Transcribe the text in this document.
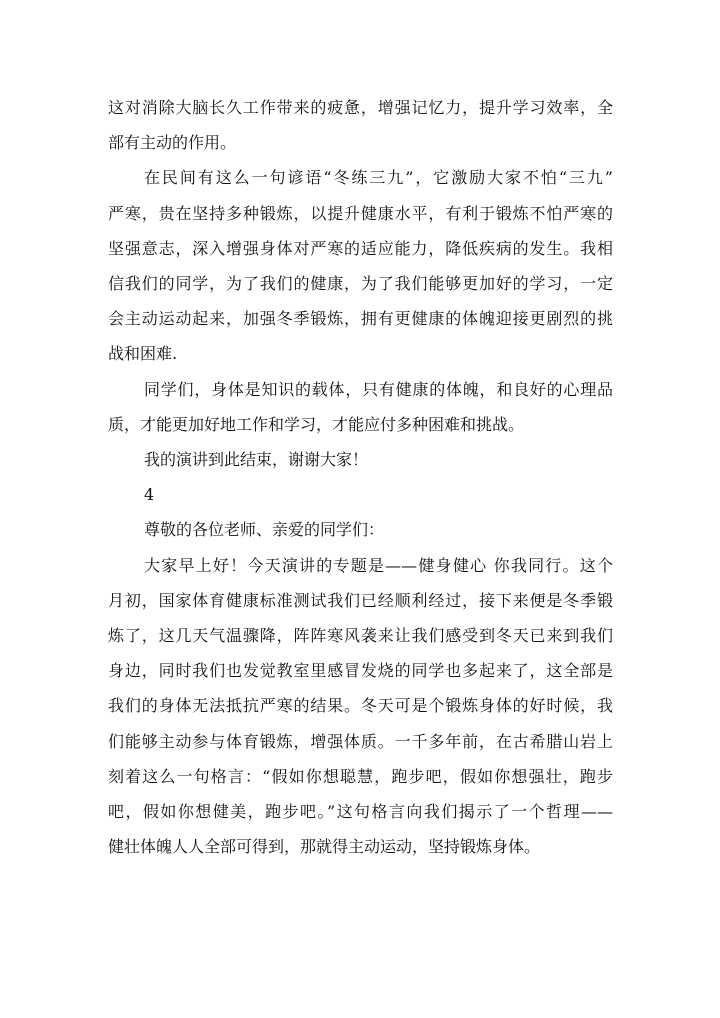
这对消除大脑长久工作带来的疲惫，增强记忆力，提升学习效率，全
部有主动的作用。

在民间有这么一句谚语“冬练三九”，它激励大家不怕“三九”
严寒，贵在坚持多种锻炼，以提升健康水平，有利于锻炼不怕严寒的
坚强意志，深入增强身体对严寒的适应能力，降低疾病的发生。我相
信我们的同学，为了我们的健康，为了我们能够更加好的学习，一定
会主动运动起来，加强冬季锻炼，拥有更健康的体魄迎接更剧烈的挑
战和困难.

同学们，身体是知识的载体，只有健康的体魄，和良好的心理品
质，才能更加好地工作和学习，才能应付多种困难和挑战。

我的演讲到此结束，谢谢大家！

4

尊敬的各位老师、亲爱的同学们：

大家早上好！今天演讲的专题是——健身健心 你我同行。这个
月初，国家体育健康标准测试我们已经顺利经过，接下来便是冬季锻
炼了，这几天气温骤降，阵阵寒风袭来让我们感受到冬天已来到我们
身边，同时我们也发觉教室里感冒发烧的同学也多起来了，这全部是
我们的身体无法抵抗严寒的结果。冬天可是个锻炼身体的好时候，我
们能够主动参与体育锻炼，增强体质。一千多年前，在古希腊山岩上
刻着这么一句格言：“假如你想聪慧，跑步吧，假如你想强壮，跑步
吧，假如你想健美，跑步吧。”这句格言向我们揭示了一个哲理——
健壮体魄人人全部可得到，那就得主动运动，坚持锻炼身体。
